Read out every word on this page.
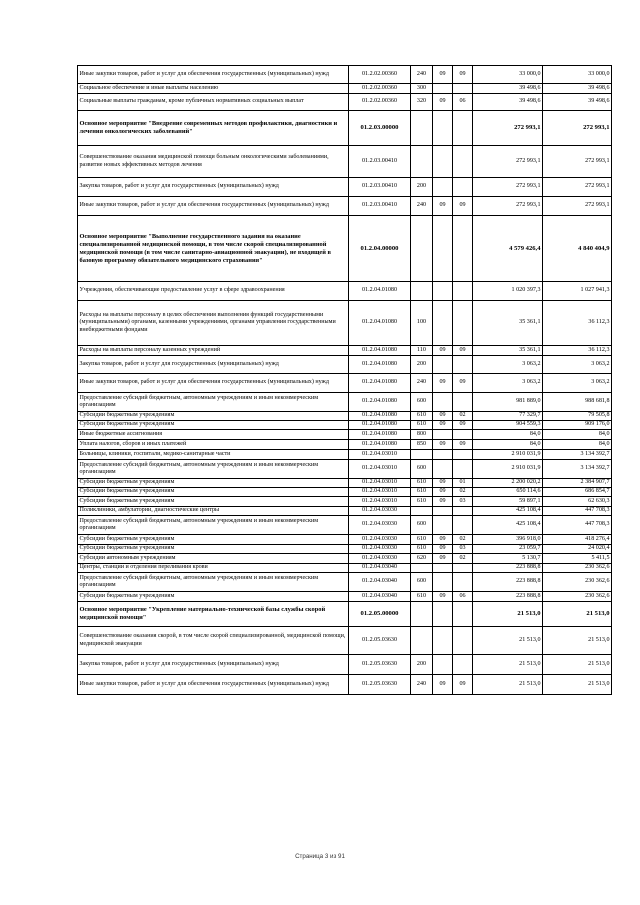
Иные закупки товаров, работ и услуг для обеспечения государственных (муниципальных) нужд	01.2.02.00360	240	09	09	33 000,0	33 000,0
Социальное обеспечение и иные выплаты населению	01.2.02.00360	300			39 498,6	39 498,6
Социальные выплаты гражданам, кроме публичных нормативных социальных выплат	01.2.02.00360	320	09	06	39 498,6	39 498,6
Основное мероприятие "Внедрение современных методов профилактики, диагностики и лечения онкологических заболеваний"	01.2.03.00000				272 993,1	272 993,1
Совершенствование оказания медицинской помощи больным онкологическими заболеваниями, развитие новых эффективных методов лечения	01.2.03.00410				272 993,1	272 993,1
Закупка товаров, работ и услуг для государственных (муниципальных) нужд	01.2.03.00410	200			272 993,1	272 993,1
Иные закупки товаров, работ и услуг для обеспечения государственных (муниципальных) нужд	01.2.03.00410	240	09	09	272 993,1	272 993,1
Основное мероприятие "Выполнение государственного задания на оказание специализированной медицинской помощи, в том числе скорой специализированной медицинской помощи (в том числе санитарно-авиационной эвакуации), не входящей в базовую программу обязательного медицинского страхования"	01.2.04.00000				4 579 426,4	4 840 404,9
Учреждения, обеспечивающие предоставление услуг в сфере здравоохранения	01.2.04.01080				1 020 397,3	1 027 941,3
Расходы на выплаты персоналу в целях обеспечения выполнения функций государственными (муниципальными) органами, казенными учреждениями, органами управления государственными внебюджетными фондами	01.2.04.01080	100			35 361,1	36 112,3
Расходы на выплаты персоналу казенных учреждений	01.2.04.01080	110	09	09	35 361,1	36 112,3
Закупка товаров, работ и услуг для государственных (муниципальных) нужд	01.2.04.01080	200			3 063,2	3 063,2
Иные закупки товаров, работ и услуг для обеспечения государственных (муниципальных) нужд	01.2.04.01080	240	09	09	3 063,2	3 063,2
Предоставление субсидий бюджетным, автономным учреждениям и иным некоммерческим организациям	01.2.04.01080	600			981 889,0	988 681,8
Субсидии бюджетным учреждениям	01.2.04.01080	610	09	02	77 329,7	79 505,8
Субсидии бюджетным учреждениям	01.2.04.01080	610	09	09	904 559,3	909 176,0
Иные бюджетные ассигнования	01.2.04.01080	800			84,0	84,0
Уплата налогов, сборов и иных платежей	01.2.04.01080	850	09	09	84,0	84,0
Больницы, клиники, госпитали, медико-санитарные части	01.2.04.03010				2 910 031,9	3 134 392,7
Предоставление субсидий бюджетным, автономным учреждениям и иным некоммерческим организациям	01.2.04.03010	600			2 910 031,9	3 134 392,7
Субсидии бюджетным учреждениям	01.2.04.03010	610	09	01	2 200 020,2	2 384 907,7
Субсидии бюджетным учреждениям	01.2.04.03010	610	09	02	650 114,6	686 854,7
Субсидии бюджетным учреждениям	01.2.04.03010	610	09	03	59 897,1	62 630,3
Поликлиники, амбулатории, диагностические центры	01.2.04.03030				425 108,4	447 708,3
Предоставление субсидий бюджетным, автономным учреждениям и иным некоммерческим организациям	01.2.04.03030	600			425 108,4	447 708,3
Субсидии бюджетным учреждениям	01.2.04.03030	610	09	02	396 918,0	418 276,4
Субсидии бюджетным учреждениям	01.2.04.03030	610	09	03	23 059,7	24 020,4
Субсидии автономным учреждениям	01.2.04.03030	620	09	02	5 130,7	5 411,5
Центры, станции и отделения переливания крови	01.2.04.03040				223 888,8	230 362,6
Предоставление субсидий бюджетным, автономным учреждениям и иным некоммерческим организациям	01.2.04.03040	600			223 888,8	230 362,6
Субсидии бюджетным учреждениям	01.2.04.03040	610	09	06	223 888,8	230 362,6
Основное мероприятие "Укрепление материально-технической базы службы скорой медицинской помощи"	01.2.05.00000				21 513,0	21 513,0
Совершенствование оказания скорой, в том числе скорой специализированной, медицинской помощи, медицинской эвакуации	01.2.05.03630				21 513,0	21 513,0
Закупка товаров, работ и услуг для государственных (муниципальных) нужд	01.2.05.03630	200			21 513,0	21 513,0
Иные закупки товаров, работ и услуг для обеспечения государственных (муниципальных) нужд	01.2.05.03630	240	09	09	21 513,0	21 513,0
Страница 3 из 91
